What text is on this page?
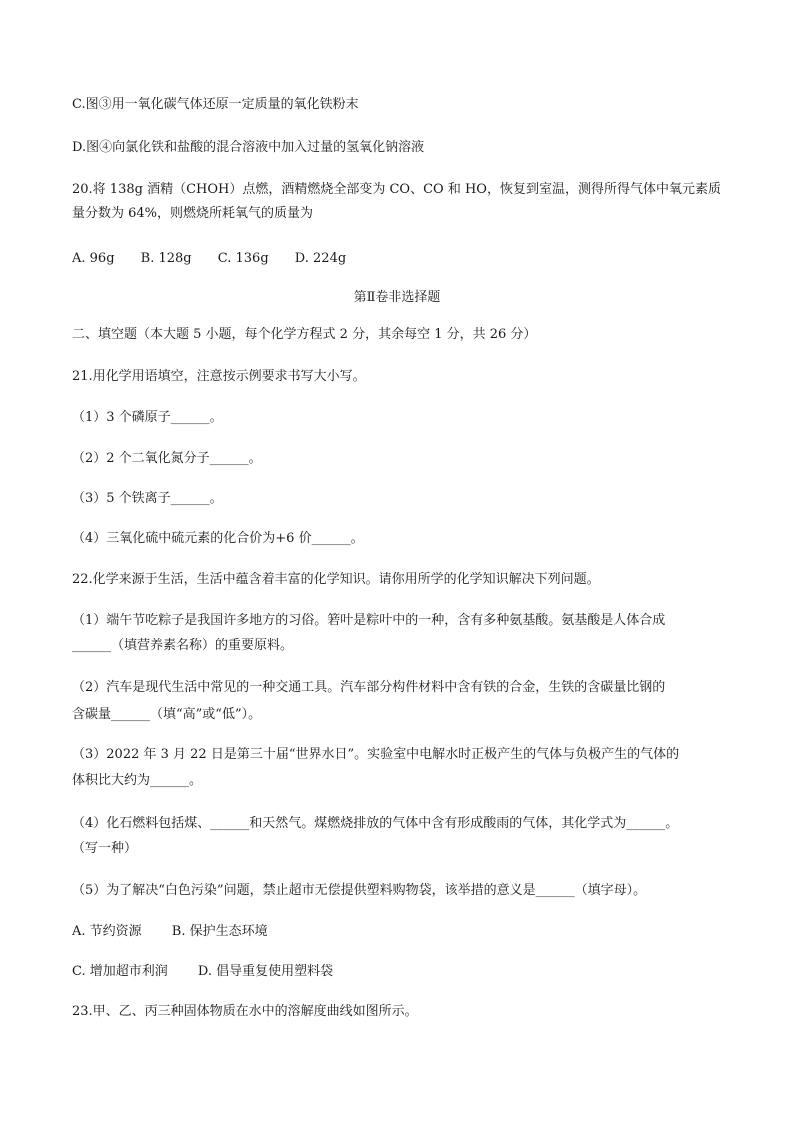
C.图③用一氧化碳气体还原一定质量的氧化铁粉末
D.图④向氯化铁和盐酸的混合溶液中加入过量的氢氧化钠溶液
20.将 138g 酒精（CHOH）点燃，酒精燃烧全部变为 CO、CO 和 HO，恢复到室温，测得所得气体中氧元素质
量分数为 64%，则燃烧所耗氧气的质量为
A. 96g B. 128g C. 136g D. 224g
第Ⅱ卷非选择题
二、填空题（本大题 5 小题，每个化学方程式 2 分，其余每空 1 分，共 26 分）
21.用化学用语填空，注意按示例要求书写大小写。
（1）3 个磷原子______。
（2）2 个二氧化氮分子______。
（3）5 个铁离子______。
（4）三氧化硫中硫元素的化合价为+6 价______。
22.化学来源于生活，生活中蕴含着丰富的化学知识。请你用所学的化学知识解决下列问题。
（1）端午节吃粽子是我国许多地方的习俗。箬叶是粽叶中的一种，含有多种氨基酸。氨基酸是人体合成
______（填营养素名称）的重要原料。
（2）汽车是现代生活中常见的一种交通工具。汽车部分构件材料中含有铁的合金，生铁的含碳量比钢的
含碳量______（填“高”或“低”）。
（3）2022 年 3 月 22 日是第三十届“世界水日”。实验室中电解水时正极产生的气体与负极产生的气体的
体积比大约为______。
（4）化石燃料包括煤、______和天然气。煤燃烧排放的气体中含有形成酸雨的气体，其化学式为______。
（写一种）
（5）为了解决“白色污染”问题，禁止超市无偿提供塑料购物袋，该举措的意义是______（填字母）。
A. 节约资源 B. 保护生态环境
C. 增加超市利润 D. 倡导重复使用塑料袋
23.甲、乙、丙三种固体物质在水中的溶解度曲线如图所示。
